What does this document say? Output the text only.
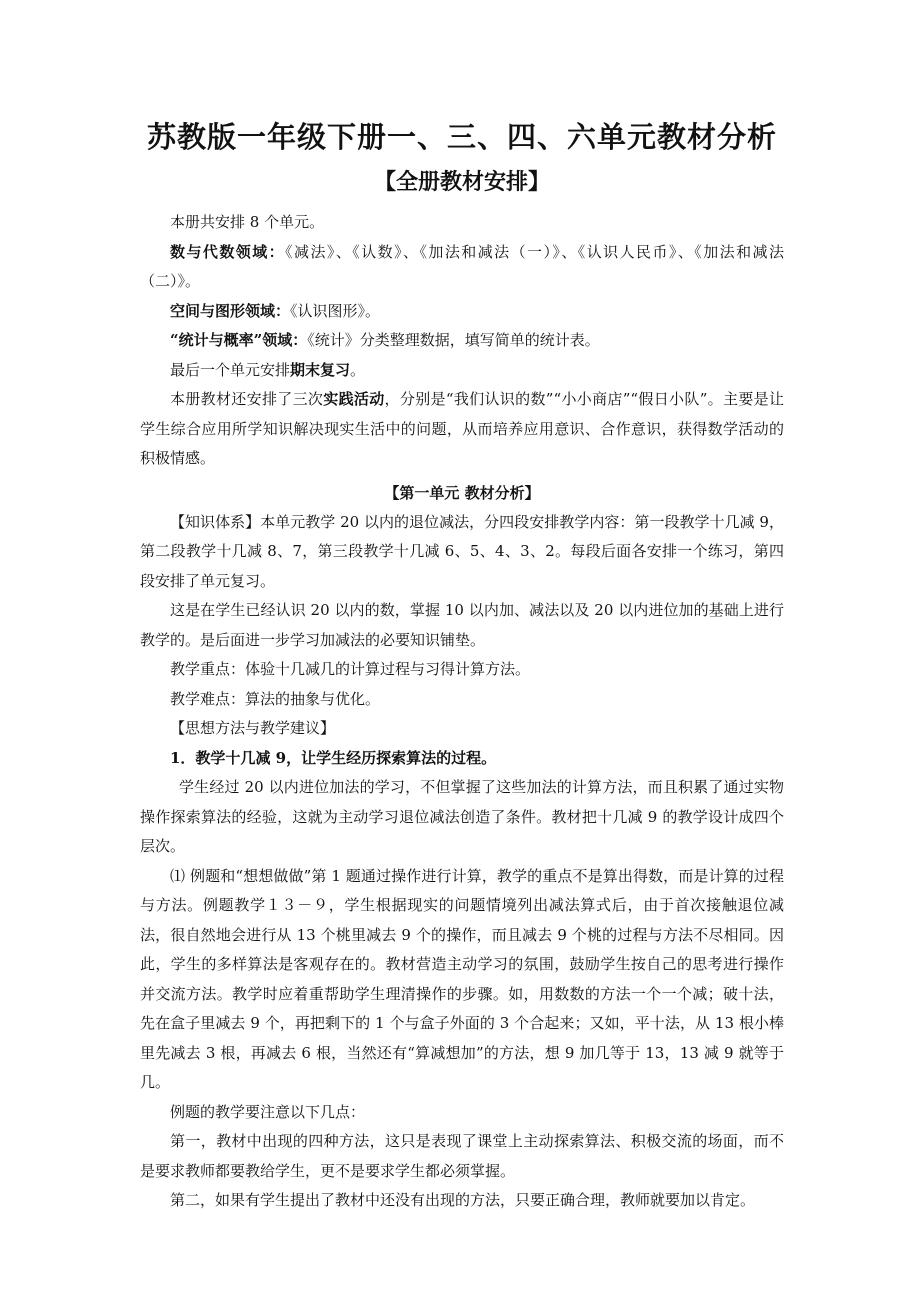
苏教版一年级下册一、三、四、六单元教材分析
【全册教材安排】

本册共安排 8 个单元。

数与代数领域：《减法》、《认数》、《加法和减法（一）》、《认识人民币》、《加法和减法（二）》。

空间与图形领域：《认识图形》。

“统计与概率”领域：《统计》分类整理数据，填写简单的统计表。

最后一个单元安排期末复习。

本册教材还安排了三次实践活动，分别是“我们认识的数”“小小商店”“假日小队”。主要是让学生综合应用所学知识解决现实生活中的问题，从而培养应用意识、合作意识，获得数学活动的积极情感。

【第一单元 教材分析】

【知识体系】本单元教学 20 以内的退位减法，分四段安排教学内容：第一段教学十几减 9，第二段教学十几减 8、7，第三段教学十几减 6、5、4、3、2。每段后面各安排一个练习，第四段安排了单元复习。

这是在学生已经认识 20 以内的数，掌握 10 以内加、减法以及 20 以内进位加的基础上进行教学的。是后面进一步学习加减法的必要知识铺垫。

教学重点：体验十几减几的计算过程与习得计算方法。

教学难点：算法的抽象与优化。

【思想方法与教学建议】

1．教学十几减 9，让学生经历探索算法的过程。

学生经过 20 以内进位加法的学习，不但掌握了这些加法的计算方法，而且积累了通过实物操作探索算法的经验，这就为主动学习退位减法创造了条件。教材把十几减 9 的教学设计成四个层次。

⑴ 例题和“想想做做”第 1 题通过操作进行计算，教学的重点不是算出得数，而是计算的过程与方法。例题教学１３－９，学生根据现实的问题情境列出减法算式后，由于首次接触退位减法，很自然地会进行从 13 个桃里减去 9 个的操作，而且减去 9 个桃的过程与方法不尽相同。因此，学生的多样算法是客观存在的。教材营造主动学习的氛围，鼓励学生按自己的思考进行操作并交流方法。教学时应着重帮助学生理清操作的步骤。如，用数数的方法一个一个减；破十法，先在盒子里减去 9 个，再把剩下的 1 个与盒子外面的 3 个合起来；又如，平十法，从 13 根小棒里先减去 3 根，再减去 6 根，当然还有“算减想加”的方法，想 9 加几等于 13，13 减 9 就等于几。

例题的教学要注意以下几点：

第一，教材中出现的四种方法，这只是表现了课堂上主动探索算法、积极交流的场面，而不是要求教师都要教给学生，更不是要求学生都必须掌握。

第二，如果有学生提出了教材中还没有出现的方法，只要正确合理，教师就要加以肯定。
